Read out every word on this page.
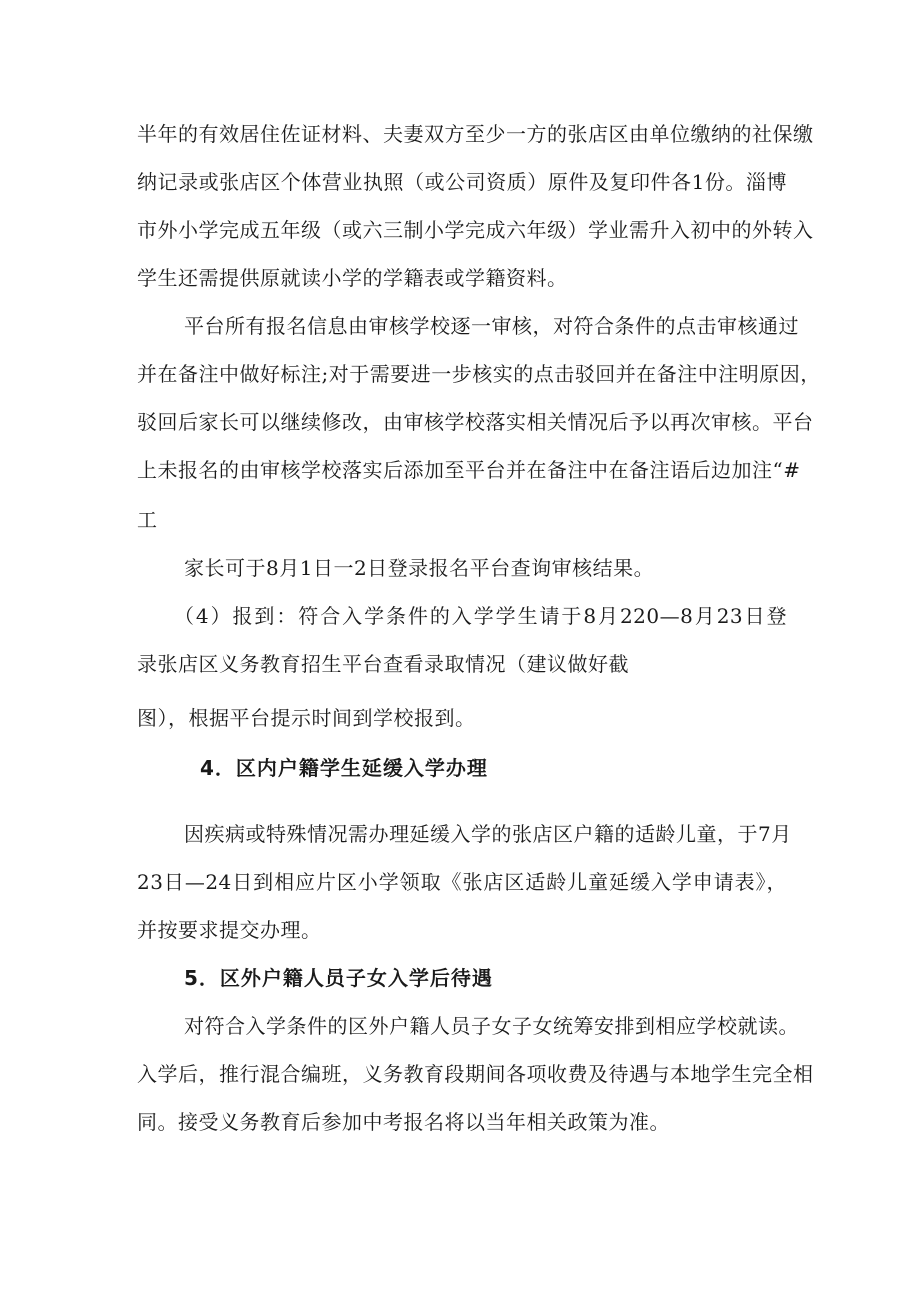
半年的有效居住佐证材料、夫妻双方至少一方的张店区由单位缴纳的社保缴
纳记录或张店区个体营业执照（或公司资质）原件及复印件各1份。淄博
市外小学完成五年级（或六三制小学完成六年级）学业需升入初中的外转入
学生还需提供原就读小学的学籍表或学籍资料。
平台所有报名信息由审核学校逐一审核，对符合条件的点击审核通过
并在备注中做好标注;对于需要进一步核实的点击驳回并在备注中注明原因，
驳回后家长可以继续修改，由审核学校落实相关情况后予以再次审核。平台
上未报名的由审核学校落实后添加至平台并在备注中在备注语后边加注“#
工
家长可于8月1日一2日登录报名平台查询审核结果。
（4）报到：符合入学条件的入学学生请于8月220—8月23日登
录张店区义务教育招生平台查看录取情况（建议做好截
图），根据平台提示时间到学校报到。
4．区内户籍学生延缓入学办理
因疾病或特殊情况需办理延缓入学的张店区户籍的适龄儿童，于7月
23日—24日到相应片区小学领取《张店区适龄儿童延缓入学申请表》，
并按要求提交办理。
5．区外户籍人员子女入学后待遇
对符合入学条件的区外户籍人员子女子女统筹安排到相应学校就读。
入学后，推行混合编班，义务教育段期间各项收费及待遇与本地学生完全相
同。接受义务教育后参加中考报名将以当年相关政策为准。
